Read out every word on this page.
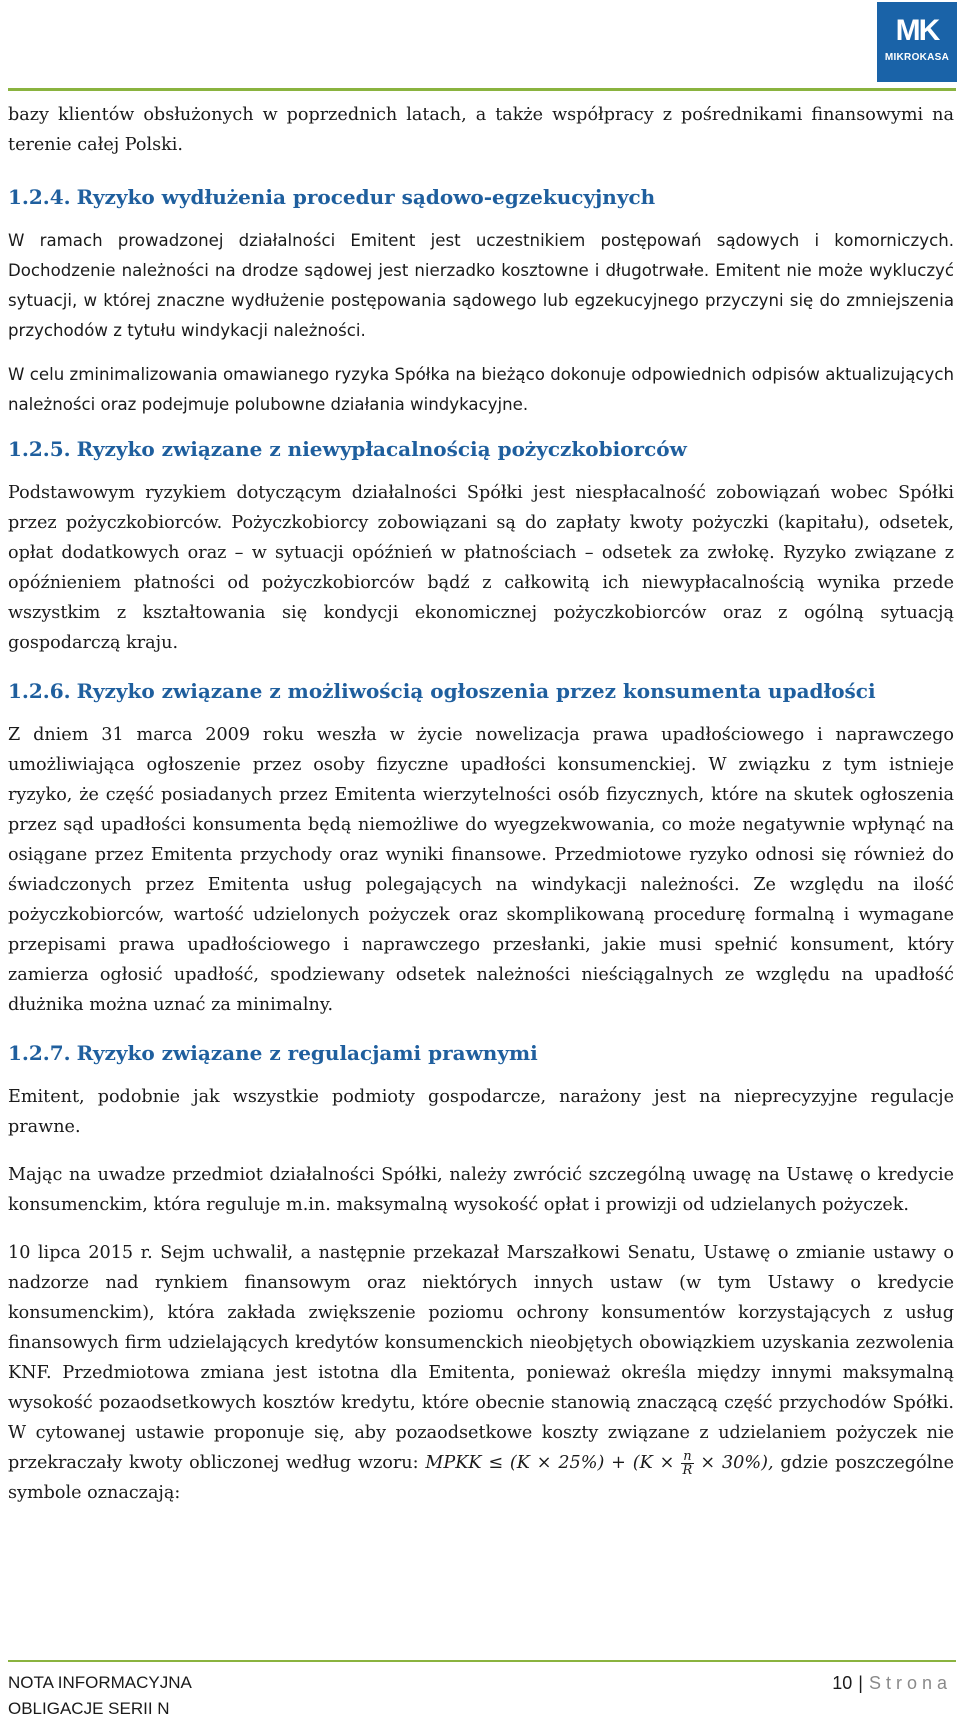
MK
MIKROKASA

bazy klientów obsłużonych w poprzednich latach, a także współpracy z pośrednikami finansowymi na terenie całej Polski.

1.2.4. Ryzyko wydłużenia procedur sądowo-egzekucyjnych

W ramach prowadzonej działalności Emitent jest uczestnikiem postępowań sądowych i komorniczych. Dochodzenie należności na drodze sądowej jest nierzadko kosztowne i długotrwałe. Emitent nie może wykluczyć sytuacji, w której znaczne wydłużenie postępowania sądowego lub egzekucyjnego przyczyni się do zmniejszenia przychodów z tytułu windykacji należności.

W celu zminimalizowania omawianego ryzyka Spółka na bieżąco dokonuje odpowiednich odpisów aktualizujących należności oraz podejmuje polubowne działania windykacyjne.

1.2.5. Ryzyko związane z niewypłacalnością pożyczkobiorców

Podstawowym ryzykiem dotyczącym działalności Spółki jest niespłacalność zobowiązań wobec Spółki przez pożyczkobiorców. Pożyczkobiorcy zobowiązani są do zapłaty kwoty pożyczki (kapitału), odsetek, opłat dodatkowych oraz – w sytuacji opóźnień w płatnościach – odsetek za zwłokę. Ryzyko związane z opóźnieniem płatności od pożyczkobiorców bądź z całkowitą ich niewypłacalnością wynika przede wszystkim z kształtowania się kondycji ekonomicznej pożyczkobiorców oraz z ogólną sytuacją gospodarczą kraju.

1.2.6. Ryzyko związane z możliwością ogłoszenia przez konsumenta upadłości

Z dniem 31 marca 2009 roku weszła w życie nowelizacja prawa upadłościowego i naprawczego umożliwiająca ogłoszenie przez osoby fizyczne upadłości konsumenckiej. W związku z tym istnieje ryzyko, że część posiadanych przez Emitenta wierzytelności osób fizycznych, które na skutek ogłoszenia przez sąd upadłości konsumenta będą niemożliwe do wyegzekwowania, co może negatywnie wpłynąć na osiągane przez Emitenta przychody oraz wyniki finansowe. Przedmiotowe ryzyko odnosi się również do świadczonych przez Emitenta usług polegających na windykacji należności. Ze względu na ilość pożyczkobiorców, wartość udzielonych pożyczek oraz skomplikowaną procedurę formalną i wymagane przepisami prawa upadłościowego i naprawczego przesłanki, jakie musi spełnić konsument, który zamierza ogłosić upadłość, spodziewany odsetek należności nieściągalnych ze względu na upadłość dłużnika można uznać za minimalny.

1.2.7. Ryzyko związane z regulacjami prawnymi

Emitent, podobnie jak wszystkie podmioty gospodarcze, narażony jest na nieprecyzyjne regulacje prawne.

Mając na uwadze przedmiot działalności Spółki, należy zwrócić szczególną uwagę na Ustawę o kredycie konsumenckim, która reguluje m.in. maksymalną wysokość opłat i prowizji od udzielanych pożyczek.

10 lipca 2015 r. Sejm uchwalił, a następnie przekazał Marszałkowi Senatu, Ustawę o zmianie ustawy o nadzorze nad rynkiem finansowym oraz niektórych innych ustaw (w tym Ustawy o kredycie konsumenckim), która zakłada zwiększenie poziomu ochrony konsumentów korzystających z usług finansowych firm udzielających kredytów konsumenckich nieobjętych obowiązkiem uzyskania zezwolenia KNF. Przedmiotowa zmiana jest istotna dla Emitenta, ponieważ określa między innymi maksymalną wysokość pozaodsetkowych kosztów kredytu, które obecnie stanowią znaczącą część przychodów Spółki. W cytowanej ustawie proponuje się, aby pozaodsetkowe koszty związane z udzielaniem pożyczek nie przekraczały kwoty obliczonej według wzoru: MPKK ≤ $(K \times 25\%) + (K \times \frac{n}{R} \times 30\%)$, gdzie poszczególne symbole oznaczają:

NOTA INFORMACYJNA
OBLIGACJE SERII N
10 | Strona
